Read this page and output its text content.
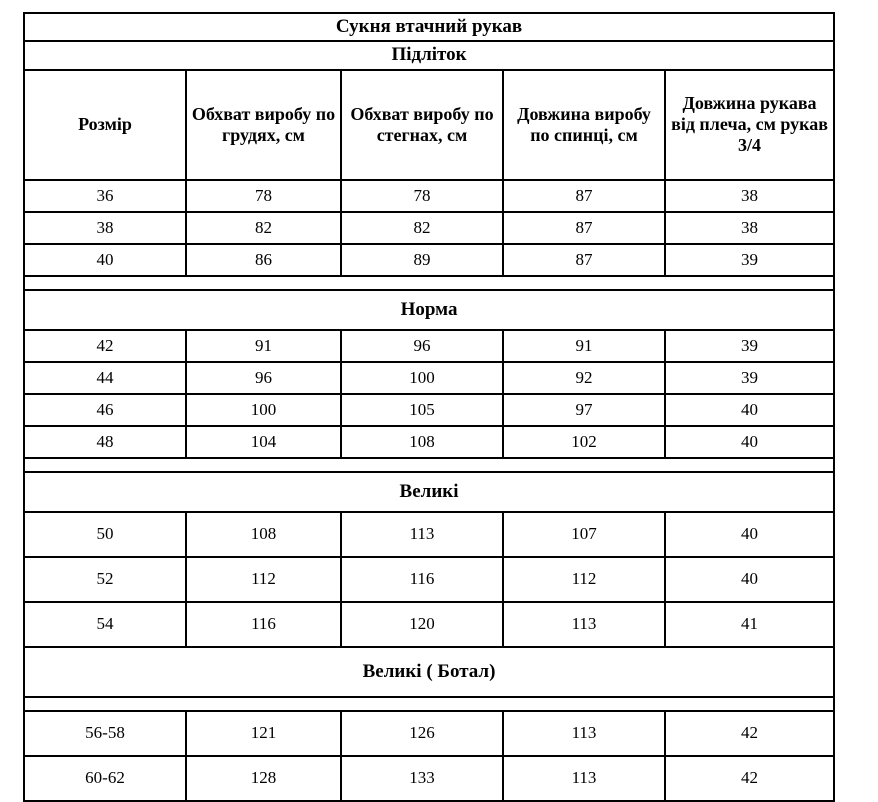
Сукня втачний рукав				
Підліток				
Розмір	Обхват виробу по грудях, см	Обхват виробу по стегнах, см	Довжина виробу по спинці, см	Довжина рукава від плеча, см рукав 3/4
36	78	78	87	38
38	82	82	87	38
40	86	89	87	39

Норма				
42	91	96	91	39
44	96	100	92	39
46	100	105	97	40
48	104	108	102	40

Великі				
50	108	113	107	40
52	112	116	112	40
54	116	120	113	41
Великі ( Ботал)				

56-58	121	126	113	42
60-62	128	133	113	42
